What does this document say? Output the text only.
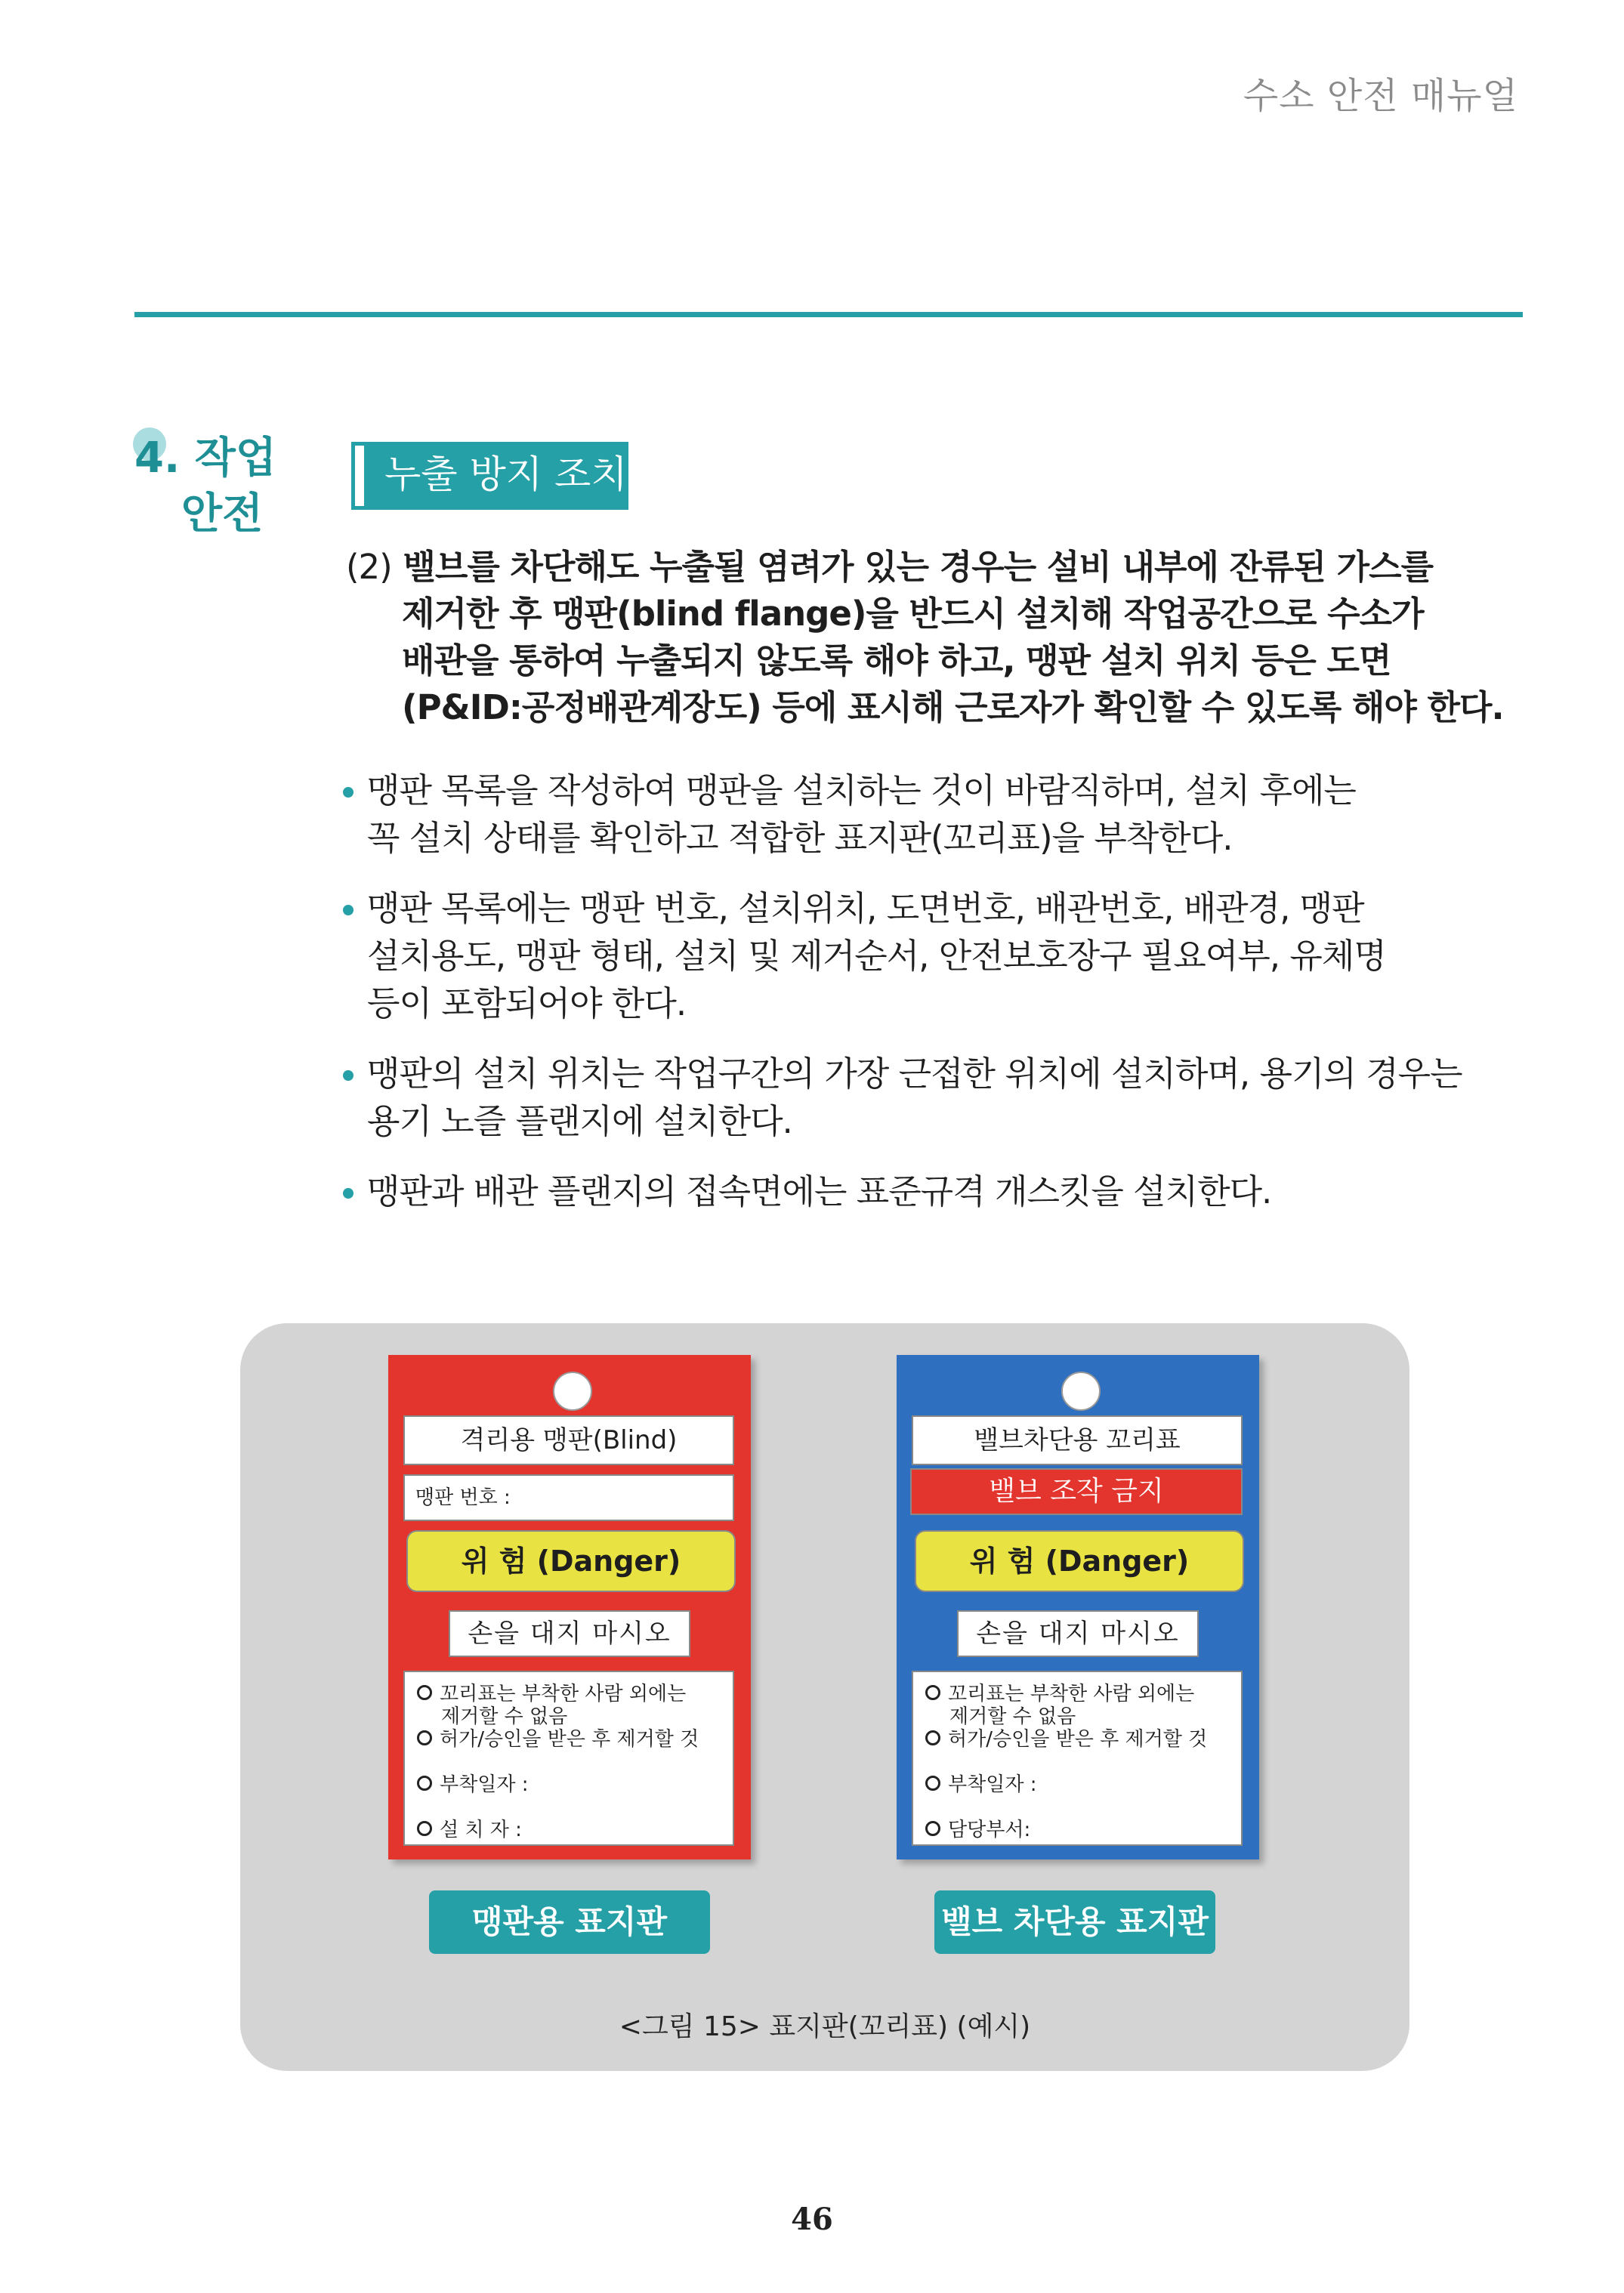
수소 안전 매뉴얼
4. 작업
안전
누출 방지 조치
(2) 밸브를 차단해도 누출될 염려가 있는 경우는 설비 내부에 잔류된 가스를
제거한 후 맹판(blind flange)을 반드시 설치해 작업공간으로 수소가
배관을 통하여 누출되지 않도록 해야 하고, 맹판 설치 위치 등은 도면
(P&ID:공정배관계장도) 등에 표시해 근로자가 확인할 수 있도록 해야 한다.
맹판 목록을 작성하여 맹판을 설치하는 것이 바람직하며, 설치 후에는
꼭 설치 상태를 확인하고 적합한 표지판(꼬리표)을 부착한다.
맹판 목록에는 맹판 번호, 설치위치, 도면번호, 배관번호, 배관경, 맹판
설치용도, 맹판 형태, 설치 및 제거순서, 안전보호장구 필요여부, 유체명
등이 포함되어야 한다.
맹판의 설치 위치는 작업구간의 가장 근접한 위치에 설치하며, 용기의 경우는
용기 노즐 플랜지에 설치한다.
맹판과 배관 플랜지의 접속면에는 표준규격 개스킷을 설치한다.
격리용 맹판(Blind)
맹판 번호 :
위 험 (Danger)
손을 대지 마시오
꼬리표는 부착한 사람 외에는
제거할 수 없음
허가/승인을 받은 후 제거할 것
부착일자 :
설 치 자 :
밸브차단용 꼬리표
밸브 조작 금지
위 험 (Danger)
손을 대지 마시오
꼬리표는 부착한 사람 외에는
제거할 수 없음
허가/승인을 받은 후 제거할 것
부착일자 :
담당부서:
맹판용 표지판	밸브 차단용 표지판
<그림 15> 표지판(꼬리표) (예시)
46
